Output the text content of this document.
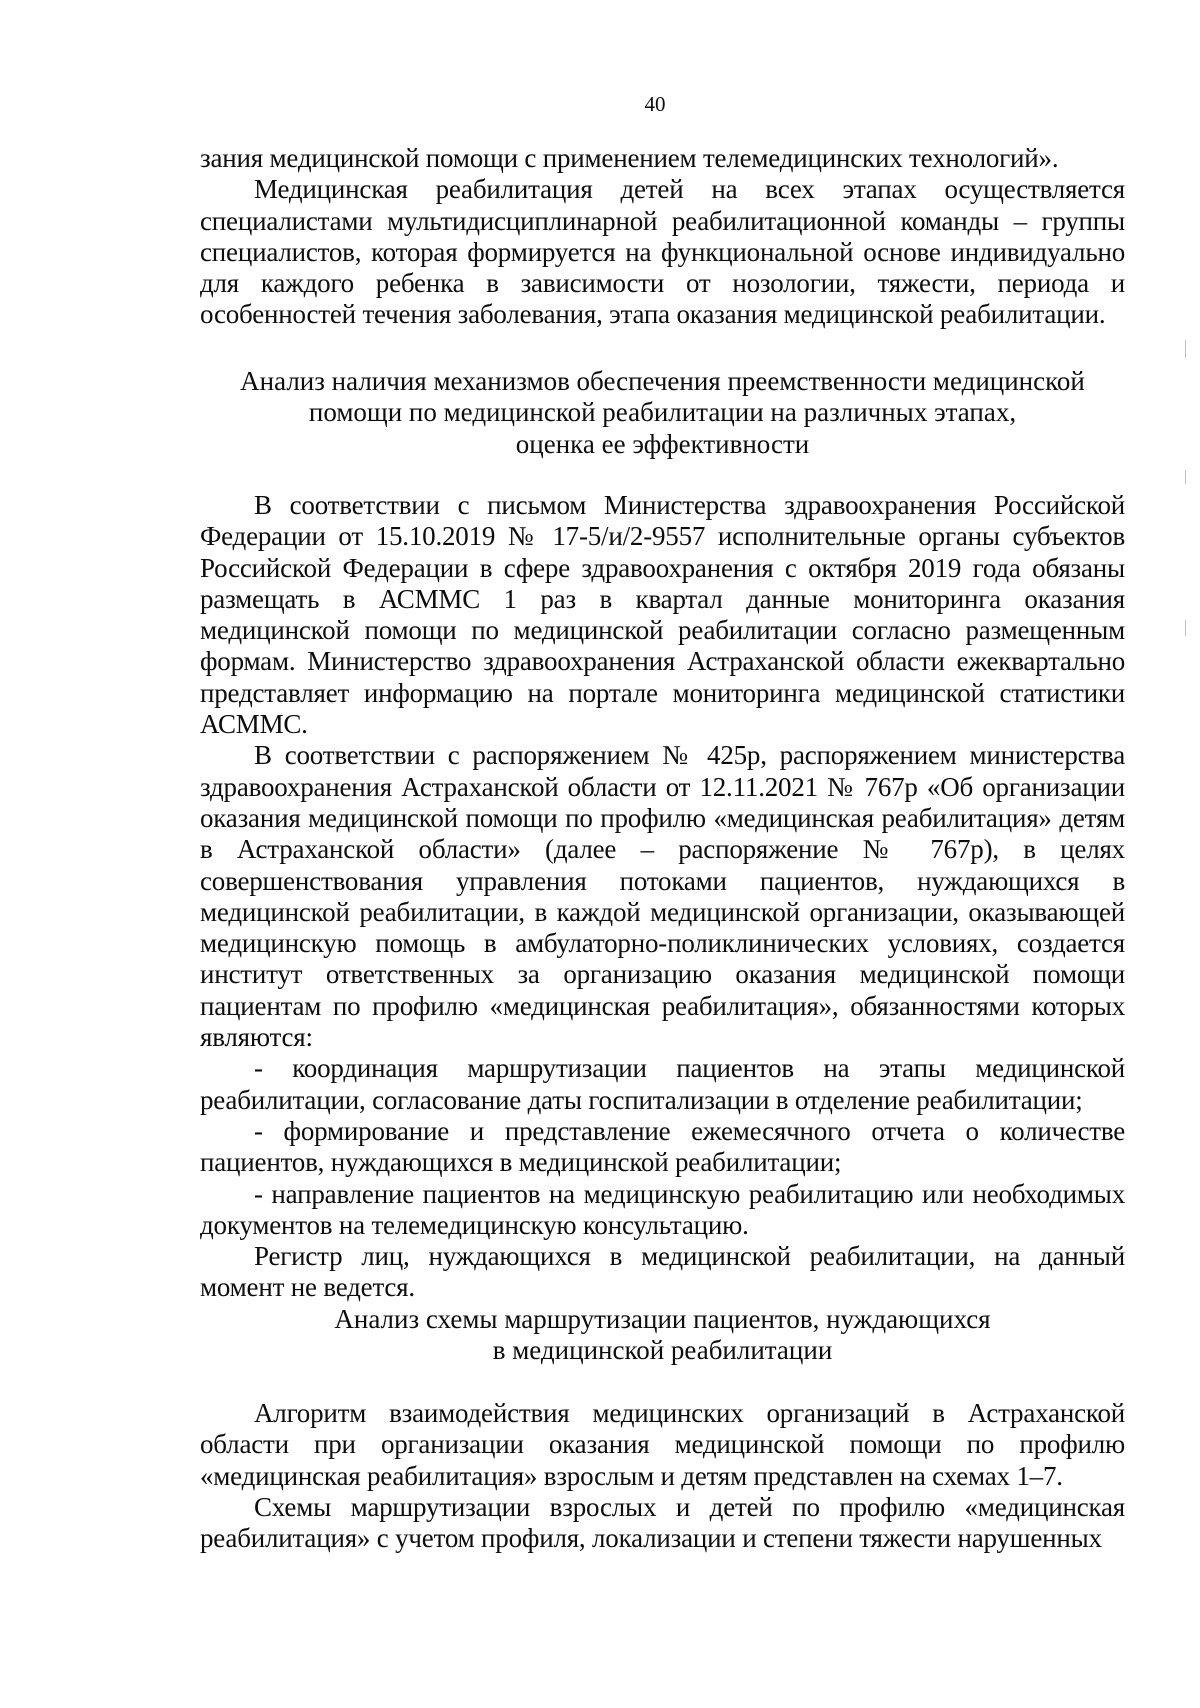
40

зания медицинской помощи с применением телемедицинских технологий».

Медицинская реабилитация детей на всех этапах осуществляется специалистами мультидисциплинарной реабилитационной команды – группы специалистов, которая формируется на функциональной основе индивидуально для каждого ребенка в зависимости от нозологии, тяжести, периода и особенностей течения заболевания, этапа оказания медицинской реабилитации.

Анализ наличия механизмов обеспечения преемственности медицинской
помощи по медицинской реабилитации на различных этапах,
оценка ее эффективности

В соответствии с письмом Министерства здравоохранения Российской Федерации от 15.10.2019 № 17-5/и/2-9557 исполнительные органы субъектов Российской Федерации в сфере здравоохранения с октября 2019 года обязаны размещать в АСММС 1 раз в квартал данные мониторинга оказания медицинской помощи по медицинской реабилитации согласно размещенным формам. Министерство здравоохранения Астраханской области ежеквартально представляет информацию на портале мониторинга медицинской статистики АСММС.

В соответствии с распоряжением № 425р, распоряжением министерства здравоохранения Астраханской области от 12.11.2021 № 767р «Об организации оказания медицинской помощи по профилю «медицинская реабилитация» детям в Астраханской области» (далее – распоряжение № 767р), в целях совершенствования управления потоками пациентов, нуждающихся в медицинской реабилитации, в каждой медицинской организации, оказывающей медицинскую помощь в амбулаторно-поликлинических условиях, создается институт ответственных за организацию оказания медицинской помощи пациентам по профилю «медицинская реабилитация», обязанностями которых являются:

- координация маршрутизации пациентов на этапы медицинской реабилитации, согласование даты госпитализации в отделение реабилитации;

- формирование и представление ежемесячного отчета о количестве пациентов, нуждающихся в медицинской реабилитации;

- направление пациентов на медицинскую реабилитацию или необходимых документов на телемедицинскую консультацию.

Регистр лиц, нуждающихся в медицинской реабилитации, на данный момент не ведется.

Анализ схемы маршрутизации пациентов, нуждающихся
в медицинской реабилитации

Алгоритм взаимодействия медицинских организаций в Астраханской области при организации оказания медицинской помощи по профилю «медицинская реабилитация» взрослым и детям представлен на схемах 1–7.

Схемы маршрутизации взрослых и детей по профилю «медицинская реабилитация» с учетом профиля, локализации и степени тяжести нарушенных
